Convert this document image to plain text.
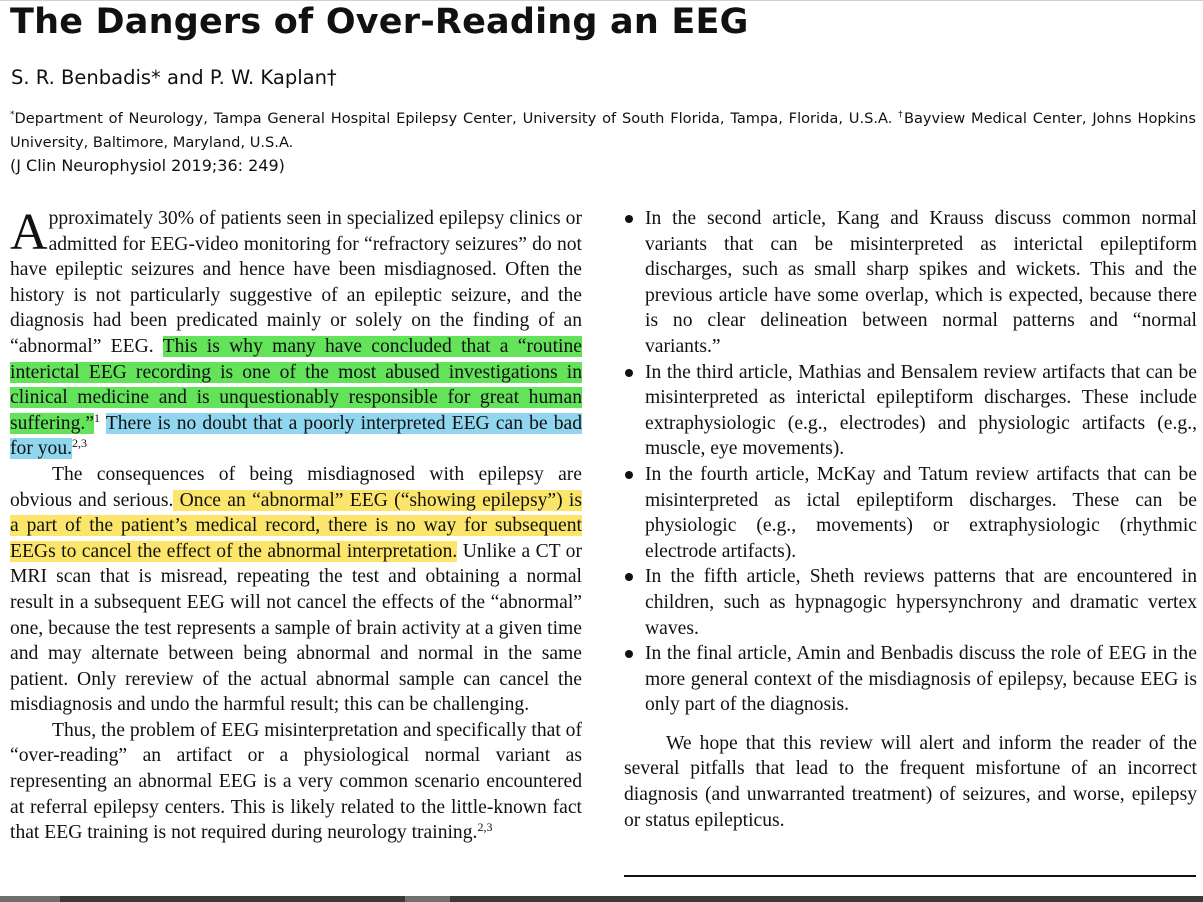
The Dangers of Over-Reading an EEG
S. R. Benbadis* and P. W. Kaplan†
*Department of Neurology, Tampa General Hospital Epilepsy Center, University of South Florida, Tampa, Florida, U.S.A. †Bayview Medical Center, Johns Hopkins University, Baltimore, Maryland, U.S.A.
(J Clin Neurophysiol 2019;36: 249)

Approximately 30% of patients seen in specialized epilepsy clinics or admitted for EEG-video monitoring for “refractory seizures” do not have epileptic seizures and hence have been misdiagnosed. Often the history is not particularly suggestive of an epileptic seizure, and the diagnosis had been predicated mainly or solely on the finding of an “abnormal” EEG. This is why many have concluded that a “routine interictal EEG recording is one of the most abused investigations in clinical medicine and is unquestionably responsible for great human suffering.”$^1$ There is no doubt that a poorly interpreted EEG can be bad for you.$^{2,3}$

The consequences of being misdiagnosed with epilepsy are obvious and serious. Once an “abnormal” EEG (“showing epilepsy”) is a part of the patient’s medical record, there is no way for subsequent EEGs to cancel the effect of the abnormal interpretation. Unlike a CT or MRI scan that is misread, repeating the test and obtaining a normal result in a subsequent EEG will not cancel the effects of the “abnormal” one, because the test represents a sample of brain activity at a given time and may alternate between being abnormal and normal in the same patient. Only rereview of the actual abnormal sample can cancel the misdiagnosis and undo the harmful result; this can be challenging.

Thus, the problem of EEG misinterpretation and specifically that of “over-reading” an artifact or a physiological normal variant as representing an abnormal EEG is a very common scenario encountered at referral epilepsy centers. This is likely related to the little-known fact that EEG training is not required during neurology training.$^{2,3}$

In the second article, Kang and Krauss discuss common normal variants that can be misinterpreted as interictal epileptiform discharges, such as small sharp spikes and wickets. This and the previous article have some overlap, which is expected, because there is no clear delineation between normal patterns and “normal variants.”
In the third article, Mathias and Bensalem review artifacts that can be misinterpreted as interictal epileptiform discharges. These include extraphysiologic (e.g., electrodes) and physiologic artifacts (e.g., muscle, eye movements).
In the fourth article, McKay and Tatum review artifacts that can be misinterpreted as ictal epileptiform discharges. These can be physiologic (e.g., movements) or extraphysiologic (rhythmic electrode artifacts).
In the fifth article, Sheth reviews patterns that are encountered in children, such as hypnagogic hypersynchrony and dramatic vertex waves.
In the final article, Amin and Benbadis discuss the role of EEG in the more general context of the misdiagnosis of epilepsy, because EEG is only part of the diagnosis.

We hope that this review will alert and inform the reader of the several pitfalls that lead to the frequent misfortune of an incorrect diagnosis (and unwarranted treatment) of seizures, and worse, epilepsy or status epilepticus.
